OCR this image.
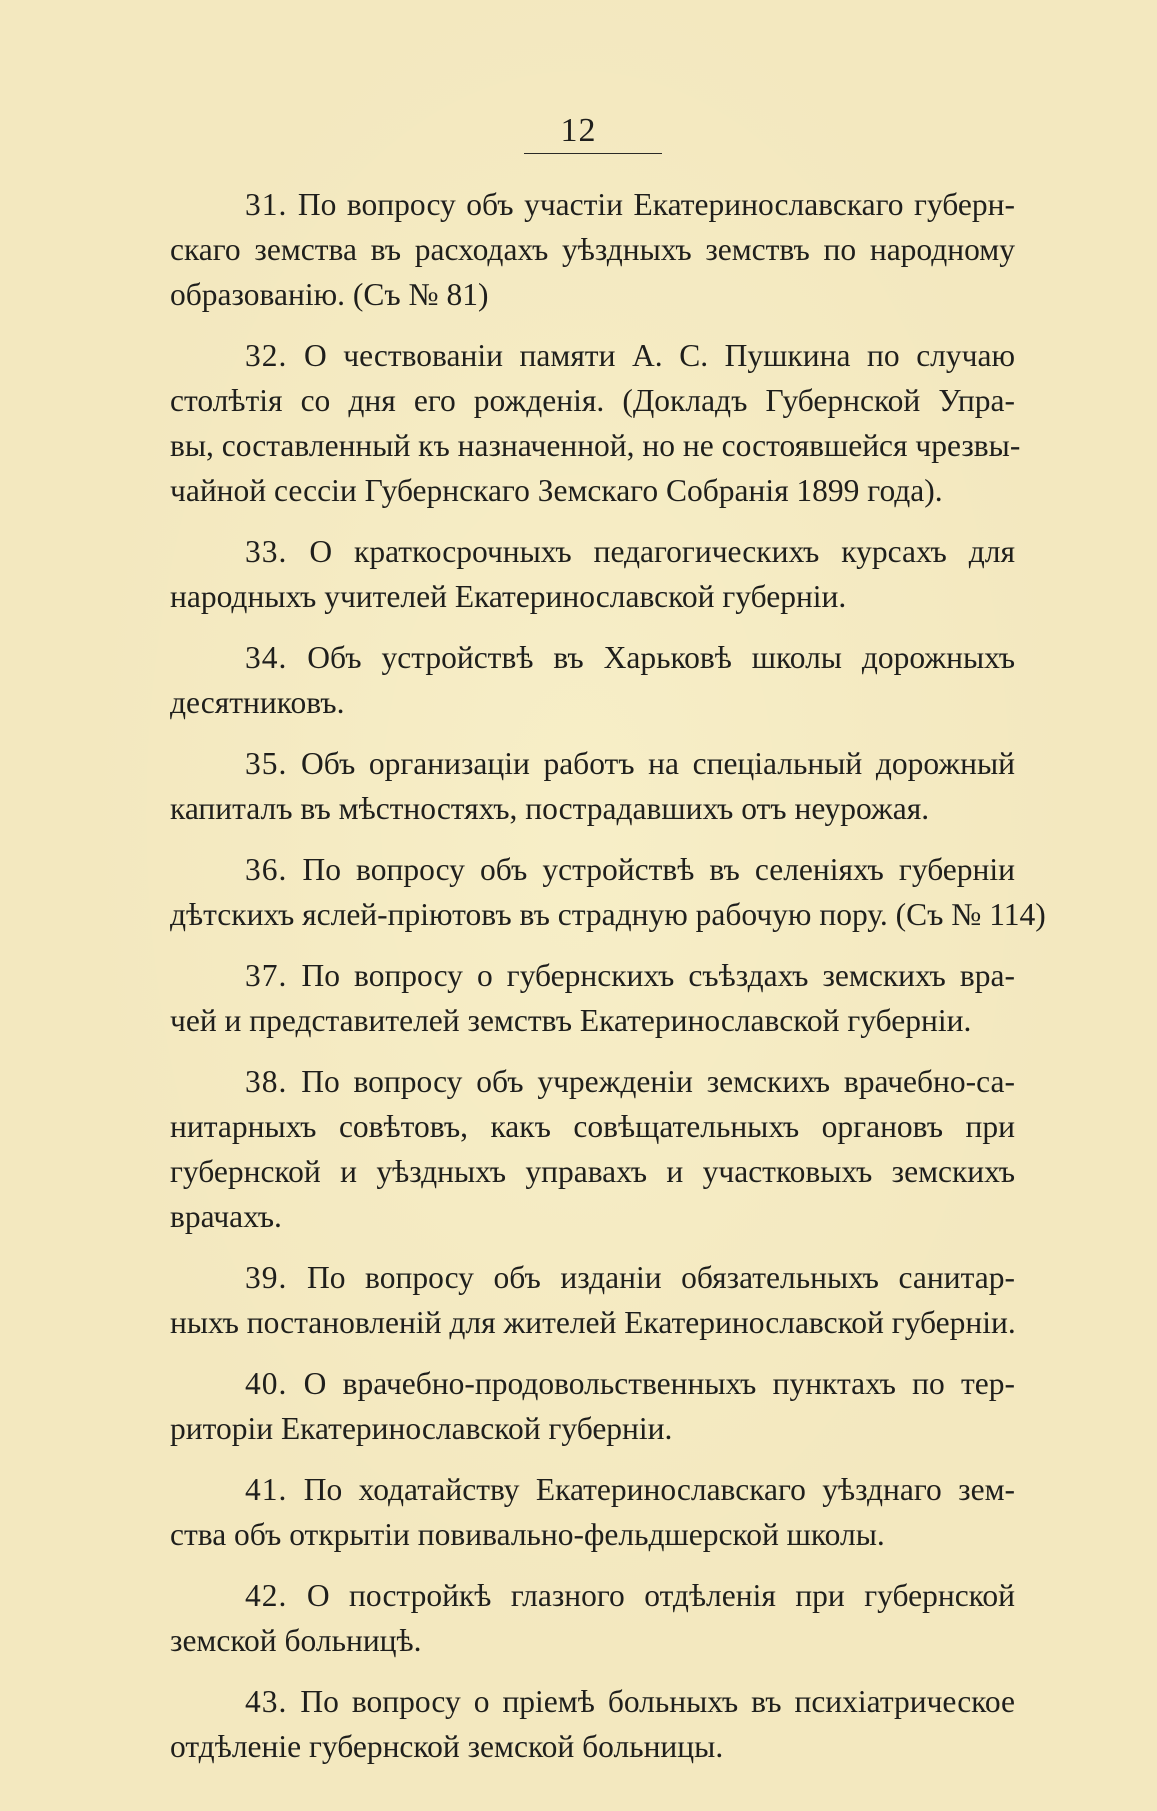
12
31. По вопросу объ участіи Екатеринославскаго губерн-
скаго земства въ расходахъ уѣздныхъ земствъ по народному
образованію. (Съ № 81)
32. О чествованіи памяти А. С. Пушкина по случаю
столѣтія со дня его рожденія. (Докладъ Губернской Упра-
вы, составленный къ назначенной, но не состоявшейся чрезвы-
чайной сессіи Губернскаго Земскаго Собранія 1899 года).
33. О краткосрочныхъ педагогическихъ курсахъ для
народныхъ учителей Екатеринославской губерніи.
34. Объ устройствѣ въ Харьковѣ школы дорожныхъ
десятниковъ.
35. Объ организаціи работъ на спеціальный дорожный
капиталъ въ мѣстностяхъ, пострадавшихъ отъ неурожая.
36. По вопросу объ устройствѣ въ селеніяхъ губерніи
дѣтскихъ яслей-пріютовъ въ страдную рабочую пору. (Съ № 114)
37. По вопросу о губернскихъ съѣздахъ земскихъ вра-
чей и представителей земствъ Екатеринославской губерніи.
38. По вопросу объ учрежденіи земскихъ врачебно-са-
нитарныхъ совѣтовъ, какъ совѣщательныхъ органовъ при
губернской и уѣздныхъ управахъ и участковыхъ земскихъ
врачахъ.
39. По вопросу объ изданіи обязательныхъ санитар-
ныхъ постановленій для жителей Екатеринославской губерніи.
40. О врачебно-продовольственныхъ пунктахъ по тер-
риторіи Екатеринославской губерніи.
41. По ходатайству Екатеринославскаго уѣзднаго зем-
ства объ открытіи повивально-фельдшерской школы.
42. О постройкѣ глазного отдѣленія при губернской
земской больницѣ.
43. По вопросу о пріемѣ больныхъ въ психіатрическое
отдѣленіе губернской земской больницы.
